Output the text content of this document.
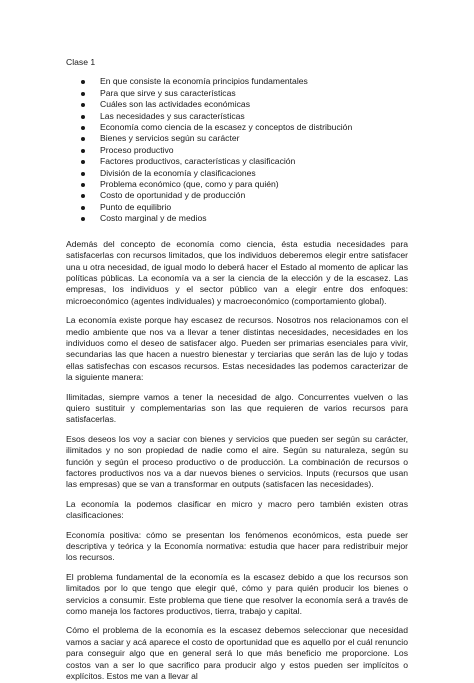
Clase 1
En que consiste la economía principios fundamentales
Para que sirve y sus características
Cuáles son las actividades económicas
Las necesidades y sus características
Economía como ciencia de la escasez y conceptos de distribución
Bienes y servicios según su carácter
Proceso productivo
Factores productivos, características y clasificación
División de la economía y clasificaciones
Problema económico (que, como y para quién)
Costo de oportunidad y de producción
Punto de equilibrio
Costo marginal y de medios

Además del concepto de economía como ciencia, ésta estudia necesidades para satisfacerlas con recursos limitados, que los individuos deberemos elegir entre satisfacer una u otra necesidad, de igual modo lo deberá hacer el Estado al momento de aplicar las políticas públicas. La economía va a ser la ciencia de la elección y de la escasez. Las empresas, los individuos y el sector público van a elegir entre dos enfoques: microeconómico (agentes individuales) y macroeconómico (comportamiento global).

La economía existe porque hay escasez de recursos. Nosotros nos relacionamos con el medio ambiente que nos va a llevar a tener distintas necesidades, necesidades en los individuos como el deseo de satisfacer algo. Pueden ser primarias esenciales para vivir, secundarias las que hacen a nuestro bienestar y terciarias que serán las de lujo y todas ellas satisfechas con escasos recursos. Estas necesidades las podemos caracterizar de la siguiente manera:

Ilimitadas, siempre vamos a tener la necesidad de algo. Concurrentes vuelven o las quiero sustituir y complementarias son las que requieren de varios recursos para satisfacerlas.

Esos deseos los voy a saciar con bienes y servicios que pueden ser según su carácter, ilimitados y no son propiedad de nadie como el aire. Según su naturaleza, según su función y según el proceso productivo o de producción. La combinación de recursos o factores productivos nos va a dar nuevos bienes o servicios. Inputs (recursos que usan las empresas) que se van a transformar en outputs (satisfacen las necesidades).

La economía la podemos clasificar en micro y macro pero también existen otras clasificaciones:

Economía positiva: cómo se presentan los fenómenos económicos, esta puede ser descriptiva y teórica y la Economía normativa: estudia que hacer para redistribuir mejor los recursos.

El problema fundamental de la economía es la escasez debido a que los recursos son limitados por lo que tengo que elegir qué, cómo y para quién producir los bienes o servicios a consumir. Este problema que tiene que resolver la economía será a través de como maneja los factores productivos, tierra, trabajo y capital.

Cómo el problema de la economía es la escasez debemos seleccionar que necesidad vamos a saciar y acá aparece el costo de oportunidad que es aquello por el cuál renuncio para conseguir algo que en general será lo que más beneficio me proporcione. Los costos van a ser lo que sacrifico para producir algo y estos pueden ser implícitos o explícitos. Estos me van a llevar al
